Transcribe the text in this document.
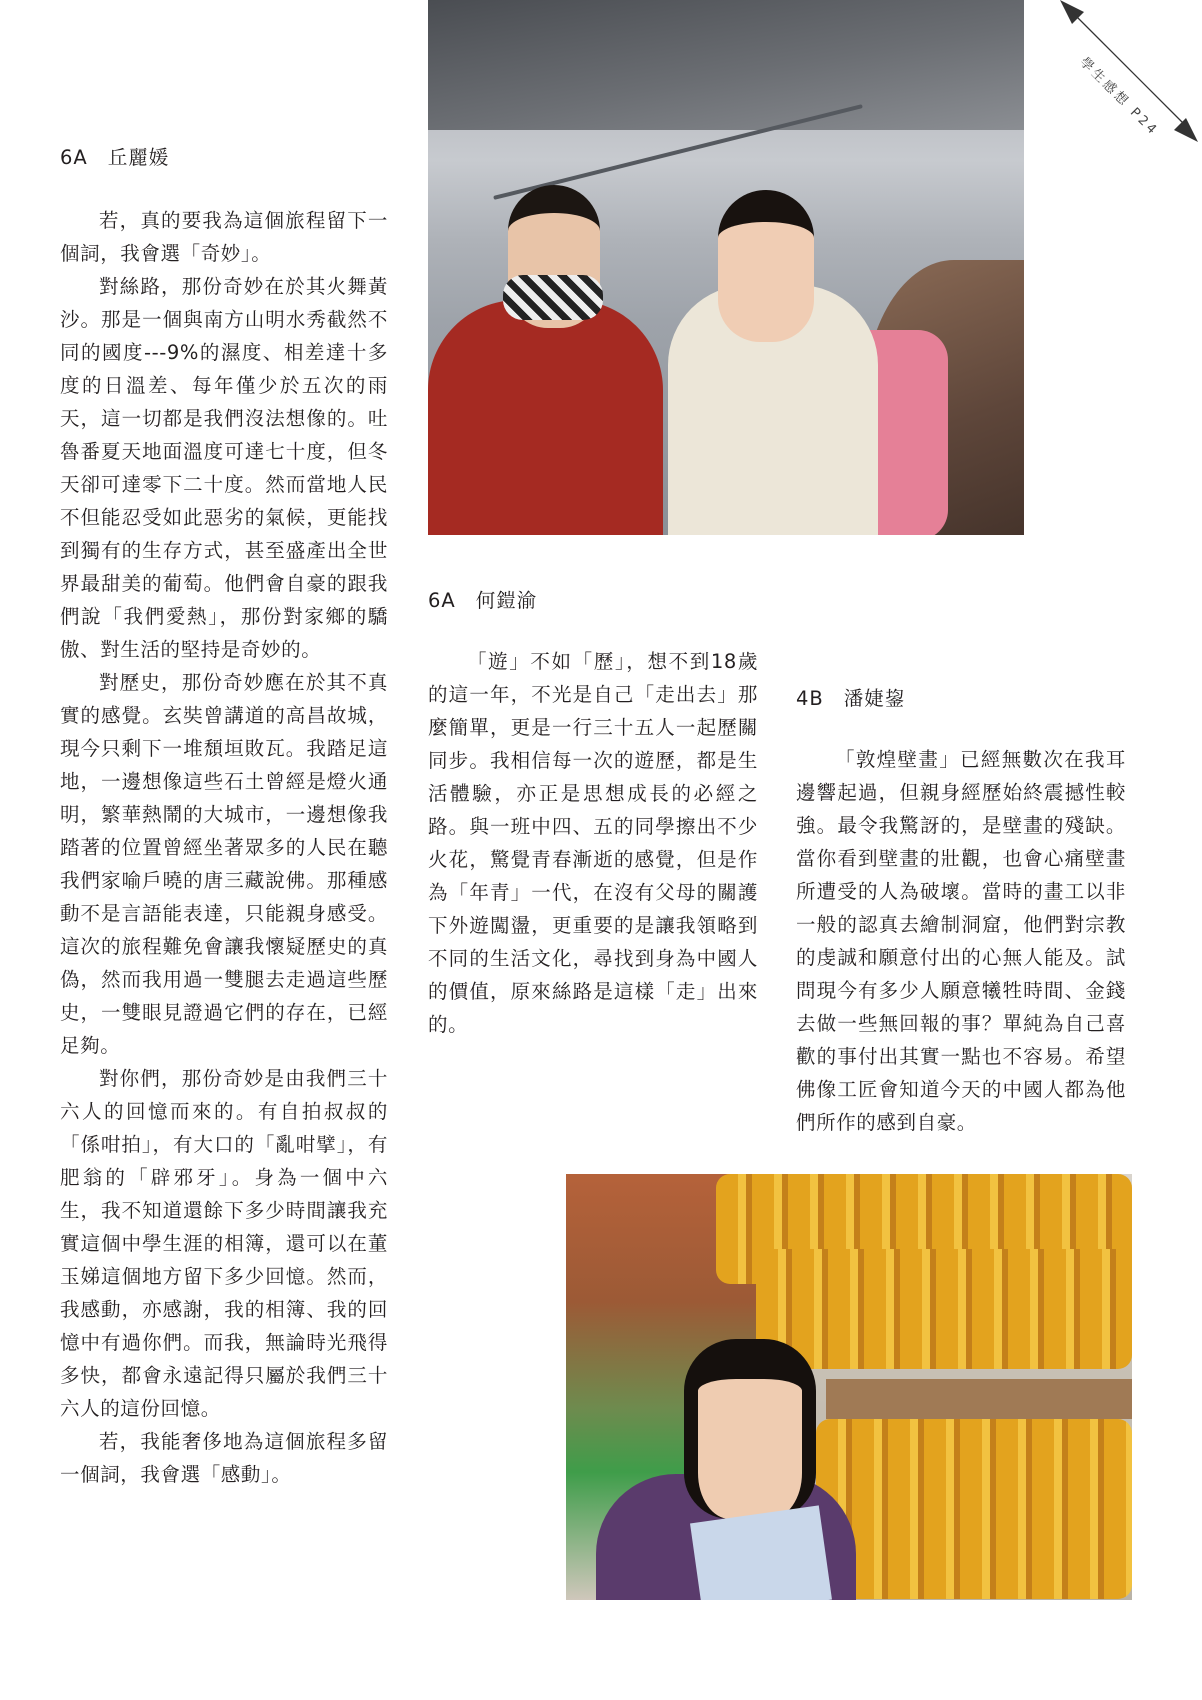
學生感想 P24

6A 丘麗媛

若，真的要我為這個旅程留下一個詞，我會選「奇妙」。

對絲路，那份奇妙在於其火舞黃沙。那是一個與南方山明水秀截然不同的國度---9%的濕度、相差達十多度的日溫差、每年僅少於五次的雨天，這一切都是我們沒法想像的。吐魯番夏天地面溫度可達七十度，但冬天卻可達零下二十度。然而當地人民不但能忍受如此惡劣的氣候，更能找到獨有的生存方式，甚至盛產出全世界最甜美的葡萄。他們會自豪的跟我們說「我們愛熱」，那份對家鄉的驕傲、對生活的堅持是奇妙的。

對歷史，那份奇妙應在於其不真實的感覺。玄奘曾講道的高昌故城，現今只剩下一堆頹垣敗瓦。我踏足這地，一邊想像這些石土曾經是燈火通明，繁華熱鬧的大城市，一邊想像我踏著的位置曾經坐著眾多的人民在聽我們家喻戶曉的唐三藏說佛。那種感動不是言語能表達，只能親身感受。這次的旅程難免會讓我懷疑歷史的真偽，然而我用過一雙腿去走過這些歷史，一雙眼見證過它們的存在，已經足夠。

對你們，那份奇妙是由我們三十六人的回憶而來的。有自拍叔叔的「係咁拍」，有大口的「亂咁擘」，有肥翁的「辟邪牙」。身為一個中六生，我不知道還餘下多少時間讓我充實這個中學生涯的相簿，還可以在董玉娣這個地方留下多少回憶。然而，我感動，亦感謝，我的相簿、我的回憶中有過你們。而我，無論時光飛得多快，都會永遠記得只屬於我們三十六人的這份回憶。

若，我能奢侈地為這個旅程多留一個詞，我會選「感動」。

6A 何鎧渝

「遊」不如「歷」，想不到18歲的這一年，不光是自己「走出去」那麼簡單，更是一行三十五人一起歷關同步。我相信每一次的遊歷，都是生活體驗，亦正是思想成長的必經之路。與一班中四、五的同學擦出不少火花，驚覺青春漸逝的感覺，但是作為「年青」一代，在沒有父母的關護下外遊闖盪，更重要的是讓我領略到不同的生活文化，尋找到身為中國人的價值，原來絲路是這樣「走」出來的。

4B 潘婕鋆

「敦煌壁畫」已經無數次在我耳邊響起過，但親身經歷始終震撼性較強。最令我驚訝的，是壁畫的殘缺。當你看到壁畫的壯觀，也會心痛壁畫所遭受的人為破壞。當時的畫工以非一般的認真去繪制洞窟，他們對宗教的虔誠和願意付出的心無人能及。試問現今有多少人願意犧牲時間、金錢去做一些無回報的事？單純為自己喜歡的事付出其實一點也不容易。希望佛像工匠會知道今天的中國人都為他們所作的感到自豪。
